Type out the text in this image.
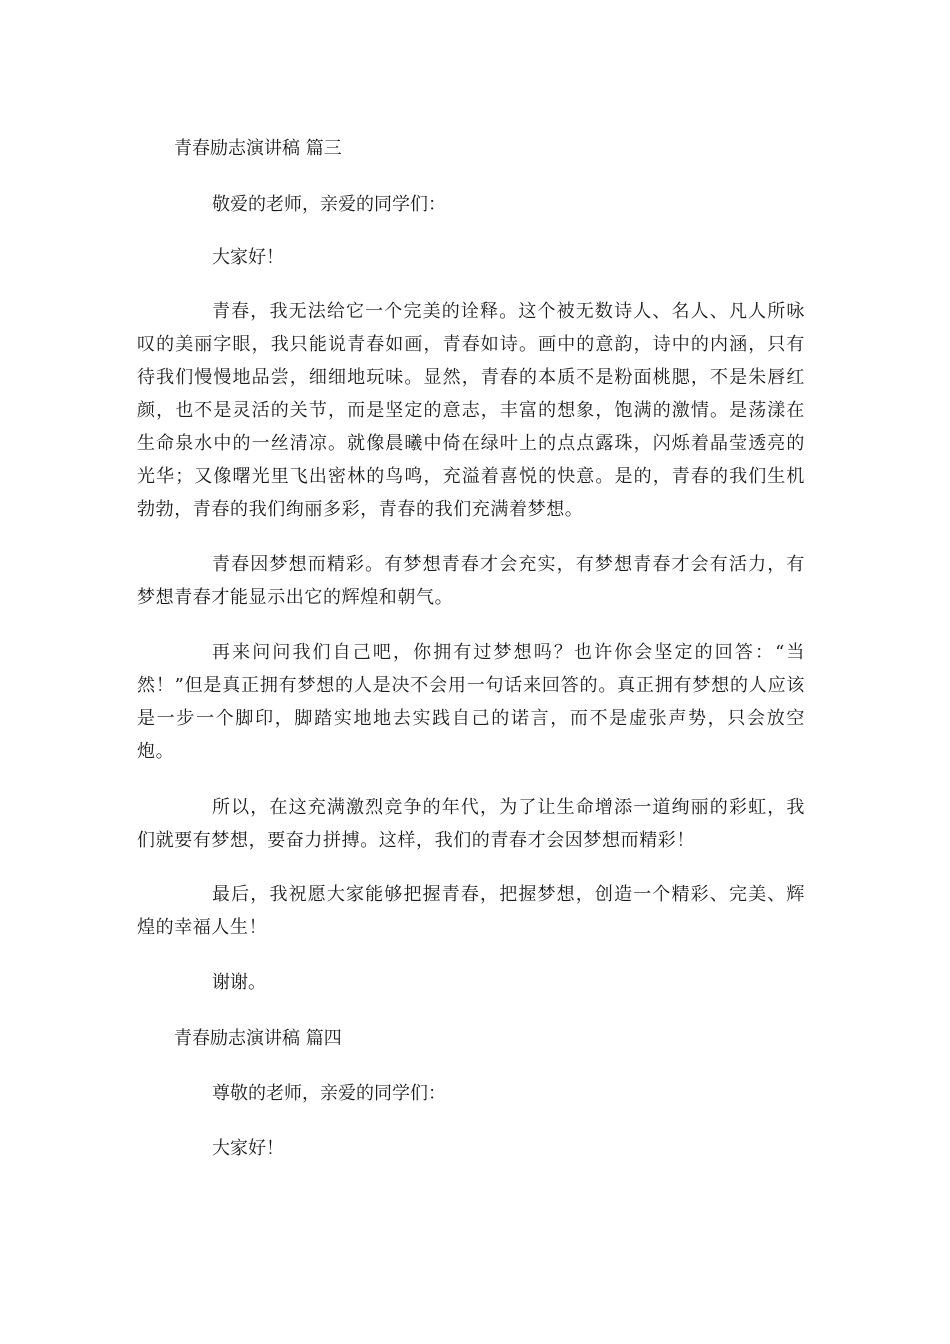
青春励志演讲稿 篇三
敬爱的老师，亲爱的同学们：
大家好！

青春，我无法给它一个完美的诠释。这个被无数诗人、名人、凡人所咏叹的美丽字眼，我只能说青春如画，青春如诗。画中的意韵，诗中的内涵，只有待我们慢慢地品尝，细细地玩味。显然，青春的本质不是粉面桃腮，不是朱唇红颜，也不是灵活的关节，而是坚定的意志，丰富的想象，饱满的激情。是荡漾在生命泉水中的一丝清凉。就像晨曦中倚在绿叶上的点点露珠，闪烁着晶莹透亮的光华；又像曙光里飞出密林的鸟鸣，充溢着喜悦的快意。是的，青春的我们生机勃勃，青春的我们绚丽多彩，青春的我们充满着梦想。

青春因梦想而精彩。有梦想青春才会充实，有梦想青春才会有活力，有梦想青春才能显示出它的辉煌和朝气。

再来问问我们自己吧，你拥有过梦想吗？也许你会坚定的回答：“当然！”但是真正拥有梦想的人是决不会用一句话来回答的。真正拥有梦想的人应该是一步一个脚印，脚踏实地地去实践自己的诺言，而不是虚张声势，只会放空炮。

所以，在这充满激烈竞争的年代，为了让生命增添一道绚丽的彩虹，我们就要有梦想，要奋力拼搏。这样，我们的青春才会因梦想而精彩！

最后，我祝愿大家能够把握青春，把握梦想，创造一个精彩、完美、辉煌的幸福人生！

谢谢。
青春励志演讲稿 篇四
尊敬的老师，亲爱的同学们：
大家好！
